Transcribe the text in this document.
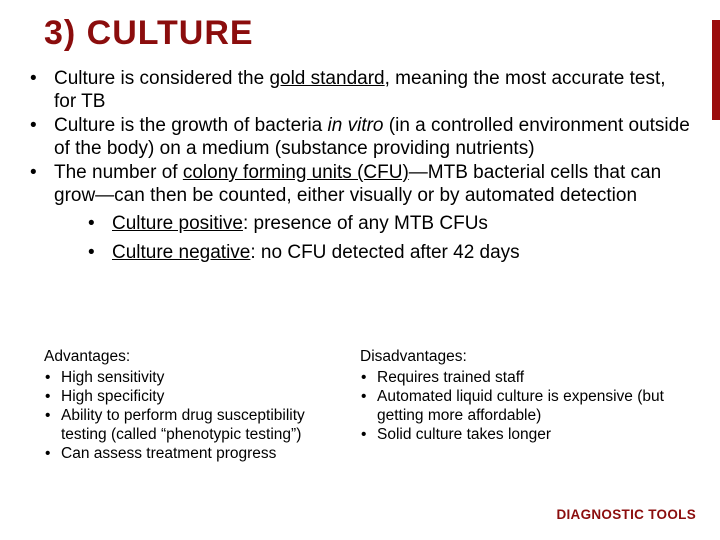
3) CULTURE
• Culture is considered the gold standard, meaning the most accurate test, for TB
• Culture is the growth of bacteria in vitro (in a controlled environment outside of the body) on a medium (substance providing nutrients)
• The number of colony forming units (CFU)—MTB bacterial cells that can grow—can then be counted, either visually or by automated detection
• Culture positive: presence of any MTB CFUs
• Culture negative: no CFU detected after 42 days
Advantages:
• High sensitivity
• High specificity
• Ability to perform drug susceptibility testing (called “phenotypic testing”)
• Can assess treatment progress
Disadvantages:
• Requires trained staff
• Automated liquid culture is expensive (but getting more affordable)
• Solid culture takes longer
DIAGNOSTIC TOOLS
